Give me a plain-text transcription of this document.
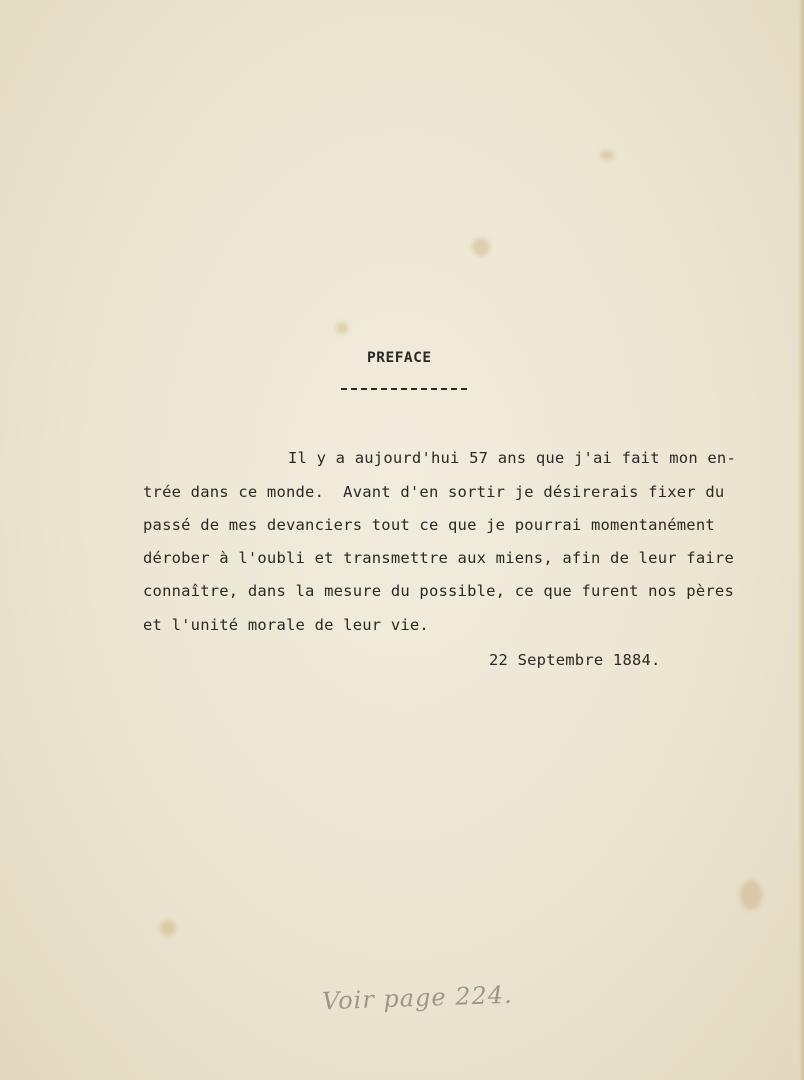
PREFACE
Il y a aujourd'hui 57 ans que j'ai fait mon en-
trée dans ce monde.  Avant d'en sortir je désirerais fixer du
passé de mes devanciers tout ce que je pourrai momentanément
dérober à l'oubli et transmettre aux miens, afin de leur faire
connaître, dans la mesure du possible, ce que furent nos pères
et l'unité morale de leur vie.
22 Septembre 1884.
Voir page 224.
